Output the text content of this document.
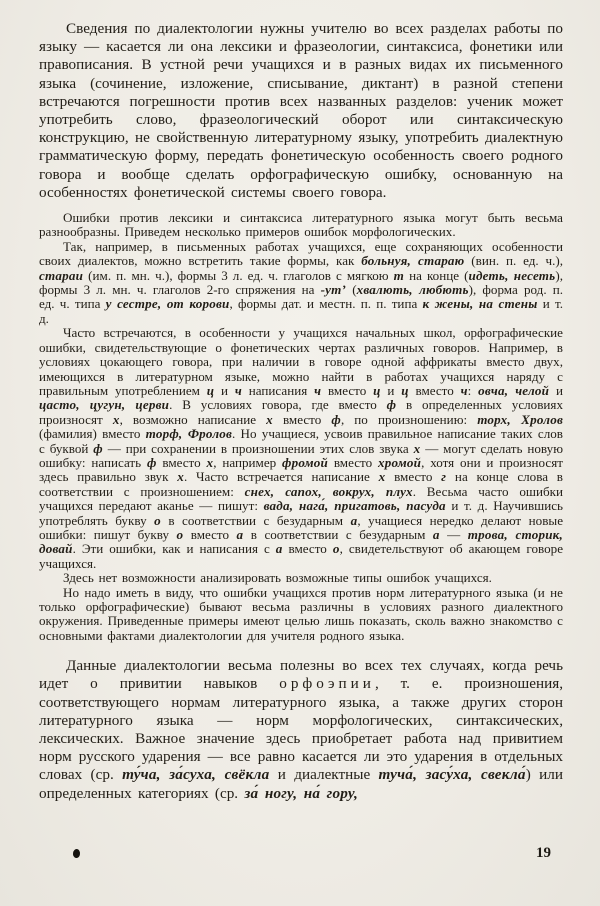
Сведения по диалектологии нужны учителю во всех разделах работы по языку — касается ли она лексики и фразеологии, синтаксиса, фонетики или правописания. В устной речи учащихся и в разных видах их письменного языка (сочинение, изложение, списывание, диктант) в разной степени встречаются погрешности против всех названных разделов: ученик может употребить слово, фразеологический оборот или синтаксическую конструкцию, не свойственную литературному языку, употребить диалектную грамматическую форму, передать фонетическую особенность своего родного говора и вообще сделать орфографическую ошибку, основанную на особенностях фонетической системы своего говора.

Ошибки против лексики и синтаксиса литературного языка могут быть весьма разнообразны. Приведем несколько примеров ошибок морфологических.

Так, например, в письменных работах учащихся, еще сохраняющих особенности своих диалектов, можно встретить такие формы, как больнуя, стараю (вин. п. ед. ч.), стараи (им. п. мн. ч.), формы 3 л. ед. ч. глаголов с мягкою т на конце (идеть, несеть), формы 3 л. мн. ч. глаголов 2-го спряжения на -ут’ (хвалють, любють), форма род. п. ед. ч. типа у сестре, от корови, формы дат. и местн. п. п. типа к жены, на стены и т. д.

Часто встречаются, в особенности у учащихся начальных школ, орфографические ошибки, свидетельствующие о фонетических чертах различных говоров. Например, в условиях цокающего говора, при наличии в говоре одной аффрикаты вместо двух, имеющихся в литературном языке, можно найти в работах учащихся наряду с правильным употреблением ц и ч написания ч вместо ц и ц вместо ч: овча, челой и цасто, цугун, церви. В условиях говора, где вместо ф в определенных условиях произносят х, возможно написание х вместо ф, по произношению: торх, Хролов (фамилия) вместо торф, Фролов. Но учащиеся, усвоив правильное написание таких слов с буквой ф — при сохранении в произношении этих слов звука х — могут сделать новую ошибку: написать ф вместо х, например фромой вместо хромой, хотя они и произносят здесь правильно звук х. Часто встречается написание х вместо г на конце слова в соответствии с произношением: снех, сапох, вокрух, плух. Весьма часто ошибки учащихся передают аканье — пишут: вада, нага́, пригатовь, пасуда и т. д. Научившись употреблять букву о в соответствии с безударным а, учащиеся нередко делают новые ошибки: пишут букву о вместо а в соответствии с безударным а — трова, сторик, довай. Эти ошибки, как и написания с а вместо о, свидетельствуют об акающем говоре учащихся.

Здесь нет возможности анализировать возможные типы ошибок учащихся.

Но надо иметь в виду, что ошибки учащихся против норм литературного языка (и не только орфографические) бывают весьма различны в условиях разного диалектного окружения. Приведенные примеры имеют целью лишь показать, сколь важно знакомство с основными фактами диалектологии для учителя родного языка.

Данные диалектологии весьма полезны во всех тех случаях, когда речь идет о привитии навыков орфоэпии, т. е. произношения, соответствующего нормам литературного языка, а также других сторон литературного языка — норм морфологических, синтаксических, лексических. Важное значение здесь приобретает работа над привитием норм русского ударения — все равно касается ли это ударения в отдельных словах (ср. ту́ча, за́суха, свёкла и диалектные туча́, засу́ха, свекла́) или определенных категориях (ср. за́ ногу, на́ гору,

19
